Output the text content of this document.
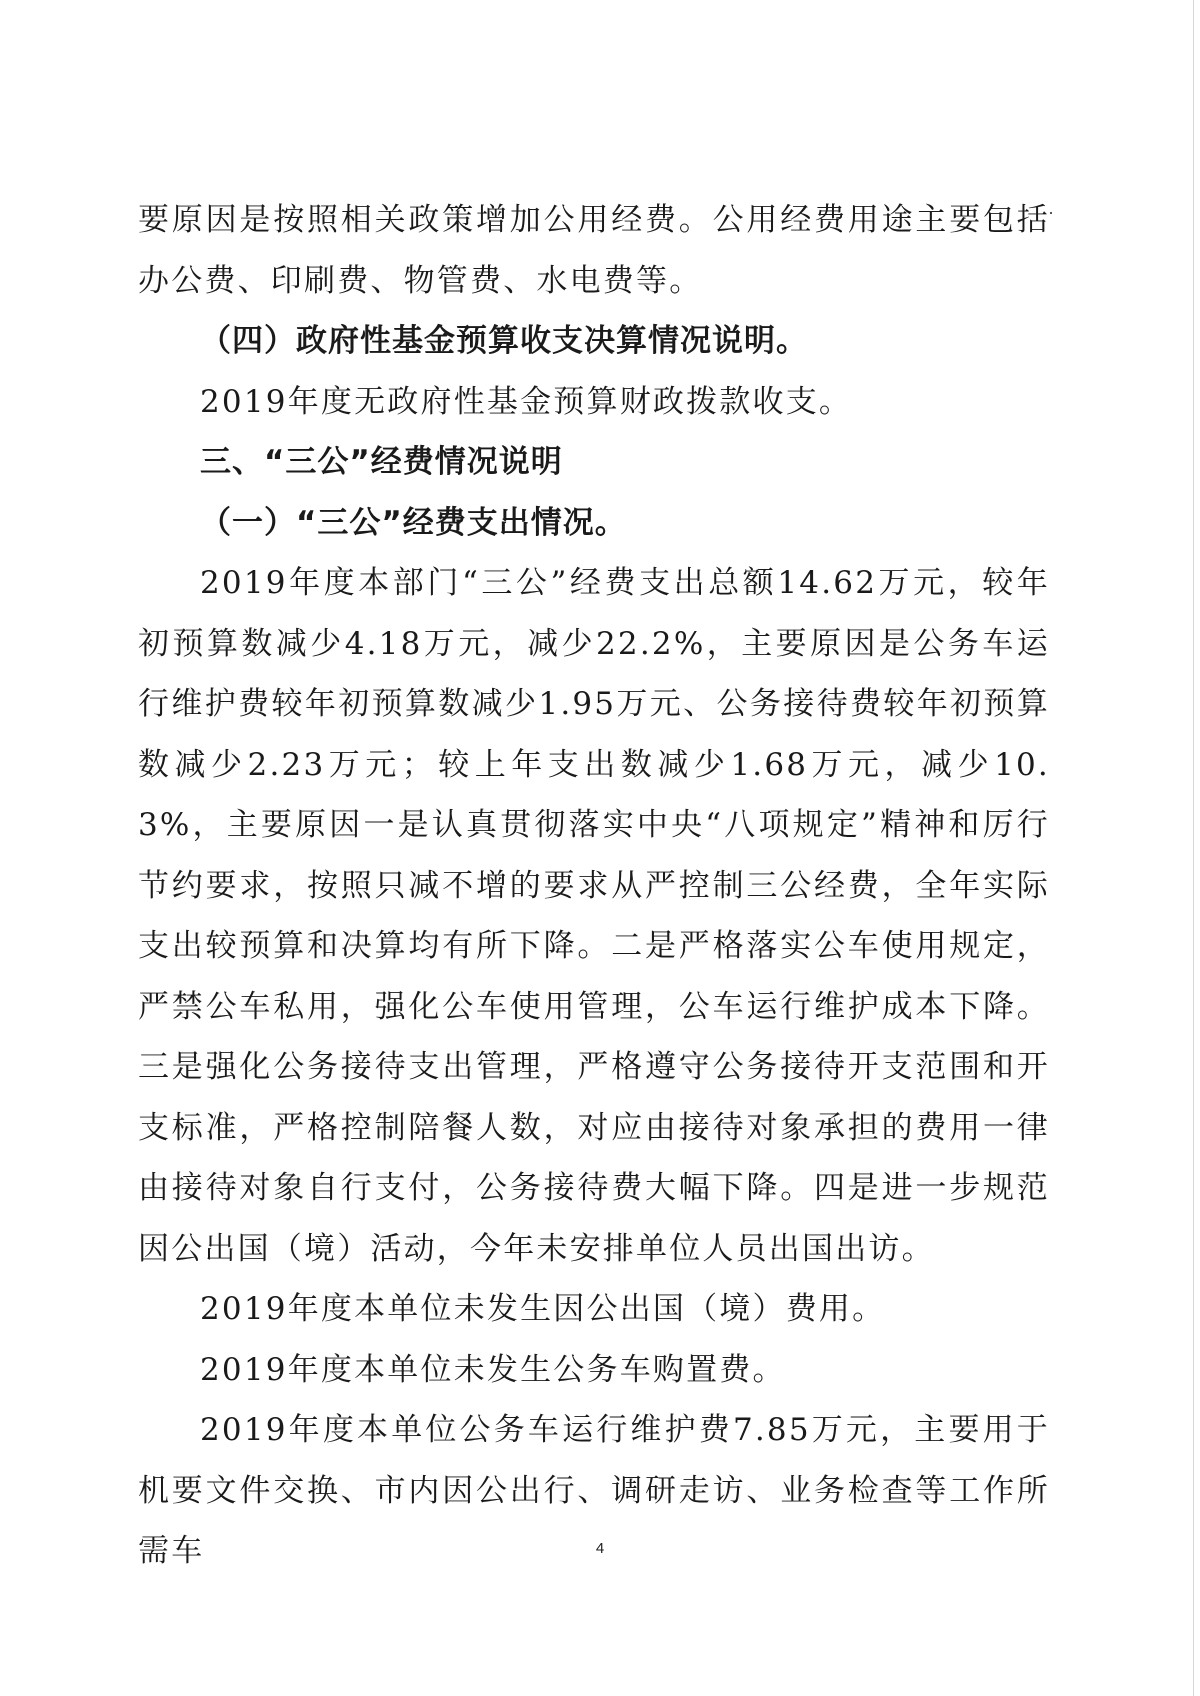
要原因是按照相关政策增加公用经费。公用经费用途主要包括办公费、印刷费、物管费、水电费等。

（四）政府性基金预算收支决算情况说明。

2019年度无政府性基金预算财政拨款收支。

三、“三公”经费情况说明

（一）“三公”经费支出情况。

2019年度本部门“三公”经费支出总额14.62万元，较年初预算数减少4.18万元，减少22.2%，主要原因是公务车运行维护费较年初预算数减少1.95万元、公务接待费较年初预算数减少2.23万元；较上年支出数减少1.68万元，减少10.3%，主要原因一是认真贯彻落实中央“八项规定”精神和厉行节约要求，按照只减不增的要求从严控制三公经费，全年实际支出较预算和决算均有所下降。二是严格落实公车使用规定，严禁公车私用，强化公车使用管理，公车运行维护成本下降。三是强化公务接待支出管理，严格遵守公务接待开支范围和开支标准，严格控制陪餐人数，对应由接待对象承担的费用一律由接待对象自行支付，公务接待费大幅下降。四是进一步规范因公出国（境）活动，今年未安排单位人员出国出访。

2019年度本单位未发生因公出国（境）费用。

2019年度本单位未发生公务车购置费。

2019年度本单位公务车运行维护费7.85万元，主要用于机要文件交换、市内因公出行、调研走访、业务检查等工作所需车	4
